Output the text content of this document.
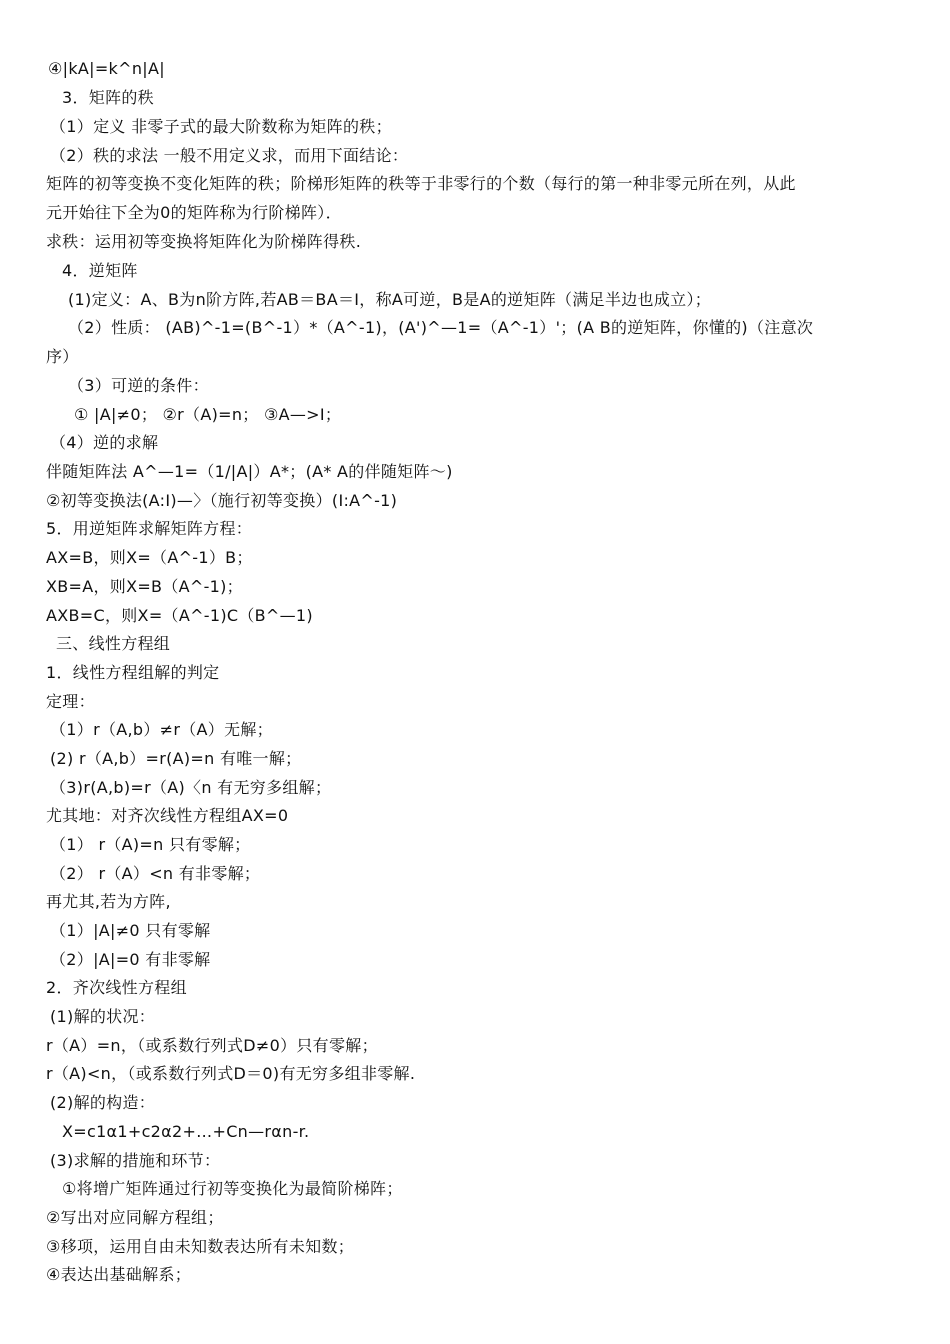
④|kA|=k^n|A|
3．矩阵的秩
（1）定义 非零子式的最大阶数称为矩阵的秩；
（2）秩的求法 一般不用定义求，而用下面结论：
矩阵的初等变换不变化矩阵的秩；阶梯形矩阵的秩等于非零行的个数（每行的第一种非零元所在列，从此
元开始往下全为0的矩阵称为行阶梯阵）．
求秩：运用初等变换将矩阵化为阶梯阵得秩.
4．逆矩阵
(1)定义：A、B为n阶方阵,若AB＝BA＝I，称A可逆，B是A的逆矩阵（满足半边也成立）；
（2）性质： (AB)^-1=(B^-1）*（A^-1)，(A')^—1=（A^-1）'；(A B的逆矩阵，你懂的)（注意次
序）
（3）可逆的条件：
① |A|≠0； ②r（A)=n； ③A—>I；
（4）逆的求解
伴随矩阵法 A^—1=（1/|A|）A*；(A* A的伴随矩阵～)
②初等变换法(A:I)—〉（施行初等变换）(I:A^-1)
5．用逆矩阵求解矩阵方程：
AX=B，则X=（A^-1）B；
XB=A，则X=B（A^-1)；
AXB=C，则X=（A^-1)C（B^—1)
三、线性方程组
1．线性方程组解的判定
定理：
（1）r（A,b）≠r（A）无解；
(2) r（A,b）=r(A)=n 有唯一解；
（3)r(A,b)=r（A)〈n 有无穷多组解；
尤其地：对齐次线性方程组AX=0
（1） r（A)=n 只有零解；
（2） r（A）<n 有非零解；
再尤其,若为方阵,
（1）|A|≠0 只有零解
（2）|A|=0 有非零解
2．齐次线性方程组
(1)解的状况：
r（A）=n，（或系数行列式D≠0）只有零解；
r（A)<n，（或系数行列式D＝0)有无穷多组非零解.
(2)解的构造：
X=c1α1+c2α2+…+Cn—rαn-r.
(3)求解的措施和环节：
①将增广矩阵通过行初等变换化为最简阶梯阵；
②写出对应同解方程组；
③移项，运用自由未知数表达所有未知数；
④表达出基础解系；
